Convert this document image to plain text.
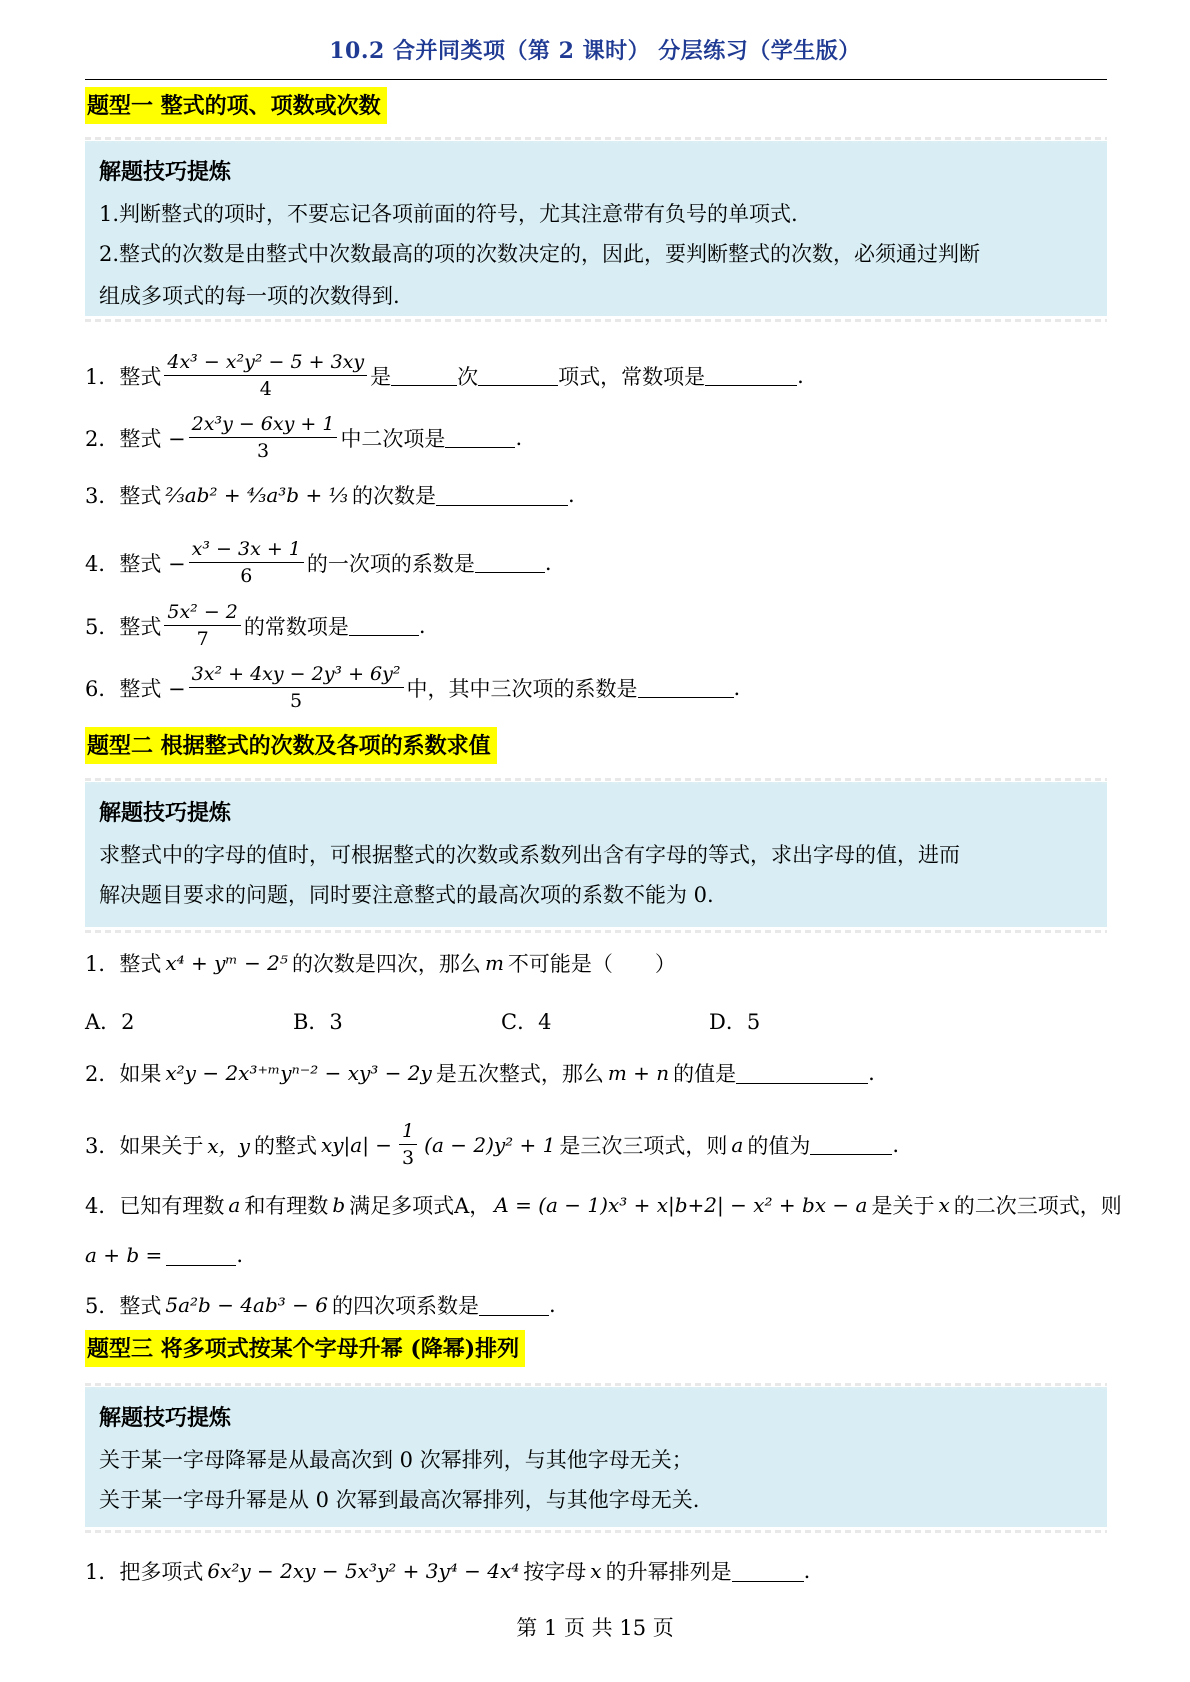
10.2 合并同类项（第 2 课时） 分层练习（学生版）
题型一 整式的项、项数或次数
解题技巧提炼
1.判断整式的项时，不要忘记各项前面的符号，尤其注意带有负号的单项式.
2.整式的次数是由整式中次数最高的项的次数决定的，因此，要判断整式的次数，必须通过判断
组成多项式的每一项的次数得到.
1． 整式 $\frac{\text{4x³ − x²y² − 5 + 3xy}}{4}$ 是	次	项式，常数项是	.
2． 整式 − $\frac{\text{2x³y − 6xy + 1}}{3}$ 中二次项是	.
3． 整式 ⅔ab² + ⁴⁄₃a³b + ⅓ 的次数是	.
4． 整式 − $\frac{\text{x³ − 3x + 1}}{6}$ 的一次项的系数是	.
5． 整式 $\frac{\text{5x² − 2}}{7}$ 的常数项是	.
6． 整式 − $\frac{\text{3x² + 4xy − 2y³ + 6y²}}{5}$ 中，其中三次项的系数是	.
题型二 根据整式的次数及各项的系数求值
解题技巧提炼
求整式中的字母的值时，可根据整式的次数或系数列出含有字母的等式，求出字母的值，进而
解决题目要求的问题，同时要注意整式的最高次项的系数不能为 0.
1． 整式 x⁴ + yᵐ − 2⁵ 的次数是四次，那么 m 不可能是（　　）
A．2	B．3	C．4	D．5
2． 如果 x²y − 2x³⁺ᵐyⁿ⁻² − xy³ − 2y 是五次整式，那么 m + n 的值是	.
3． 如果关于 x，y 的整式 $xy|a| - \frac{1}{3} (a - 2)y^2 + 1$ 是三次三项式，则 a 的值为	.
4． 已知有理数 a 和有理数 b 满足多项式A， A = (a − 1)x³ + x|b+2| − x² + bx − a 是关于 x 的二次三项式，则
a + b =	.
5． 整式 5a²b − 4ab³ − 6 的四次项系数是	.
题型三 将多项式按某个字母升幂 (降幂)排列
解题技巧提炼
关于某一字母降幂是从最高次到 0 次幂排列，与其他字母无关；
关于某一字母升幂是从 0 次幂到最高次幂排列，与其他字母无关.
1． 把多项式 6x²y − 2xy − 5x³y² + 3y⁴ − 4x⁴ 按字母 x 的升幂排列是	.
第 1 页 共 15 页
